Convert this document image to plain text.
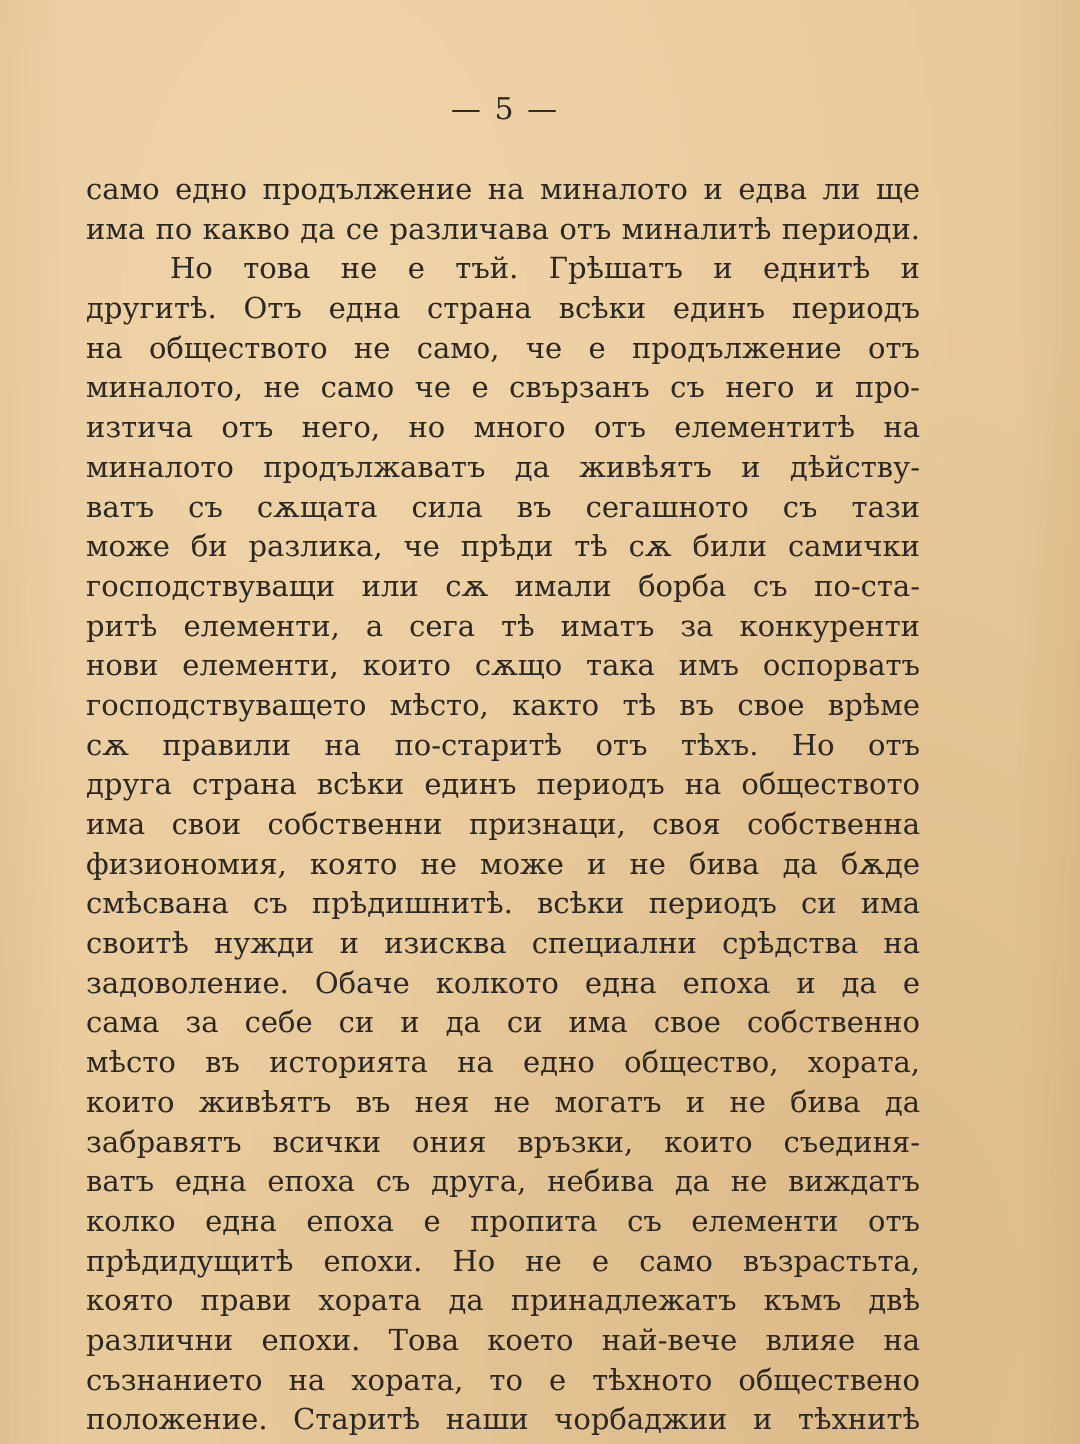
— 5 —
само едно продължение на миналото и едва ли ще
има по какво да се различава отъ миналитѣ периоди.
Но това не е тъй. Грѣшатъ и еднитѣ и
другитѣ. Отъ една страна всѣки единъ периодъ
на обществото не само, че е продължение отъ
миналото, не само че е свързанъ съ него и про-
изтича отъ него, но много отъ елементитѣ на
миналото продължаватъ да живѣятъ и дѣйству-
ватъ съ сѫщата сила въ сегашното съ тази
може би разлика, че прѣди тѣ сѫ били самички
господствуващи или сѫ имали борба съ по-ста-
ритѣ елементи, а сега тѣ иматъ за конкуренти
нови елементи, които сѫщо така имъ оспорватъ
господствуващето мѣсто, както тѣ въ свое врѣме
сѫ правили на по-старитѣ отъ тѣхъ. Но отъ
друга страна всѣки единъ периодъ на обществото
има свои собственни признаци, своя собственна
физиономия, която не може и не бива да бѫде
смѣсвана съ прѣдишнитѣ. всѣки периодъ си има
своитѣ нужди и изисква специални срѣдства на
задоволение. Обаче колкото една епоха и да е
сама за себе си и да си има свое собственно
мѣсто въ историята на едно общество, хората,
които живѣятъ въ нея не могатъ и не бива да
забравятъ всички ония връзки, които съединя-
ватъ една епоха съ друга, небива да не виждатъ
колко една епоха е пропита съ елементи отъ
прѣдидущитѣ епохи. Но не е само възрастьта,
която прави хората да принадлежатъ къмъ двѣ
различни епохи. Това което най-вече влияе на
съзнанието на хората, то е тѣхното обществено
положение. Старитѣ наши чорбаджии и тѣхнитѣ
